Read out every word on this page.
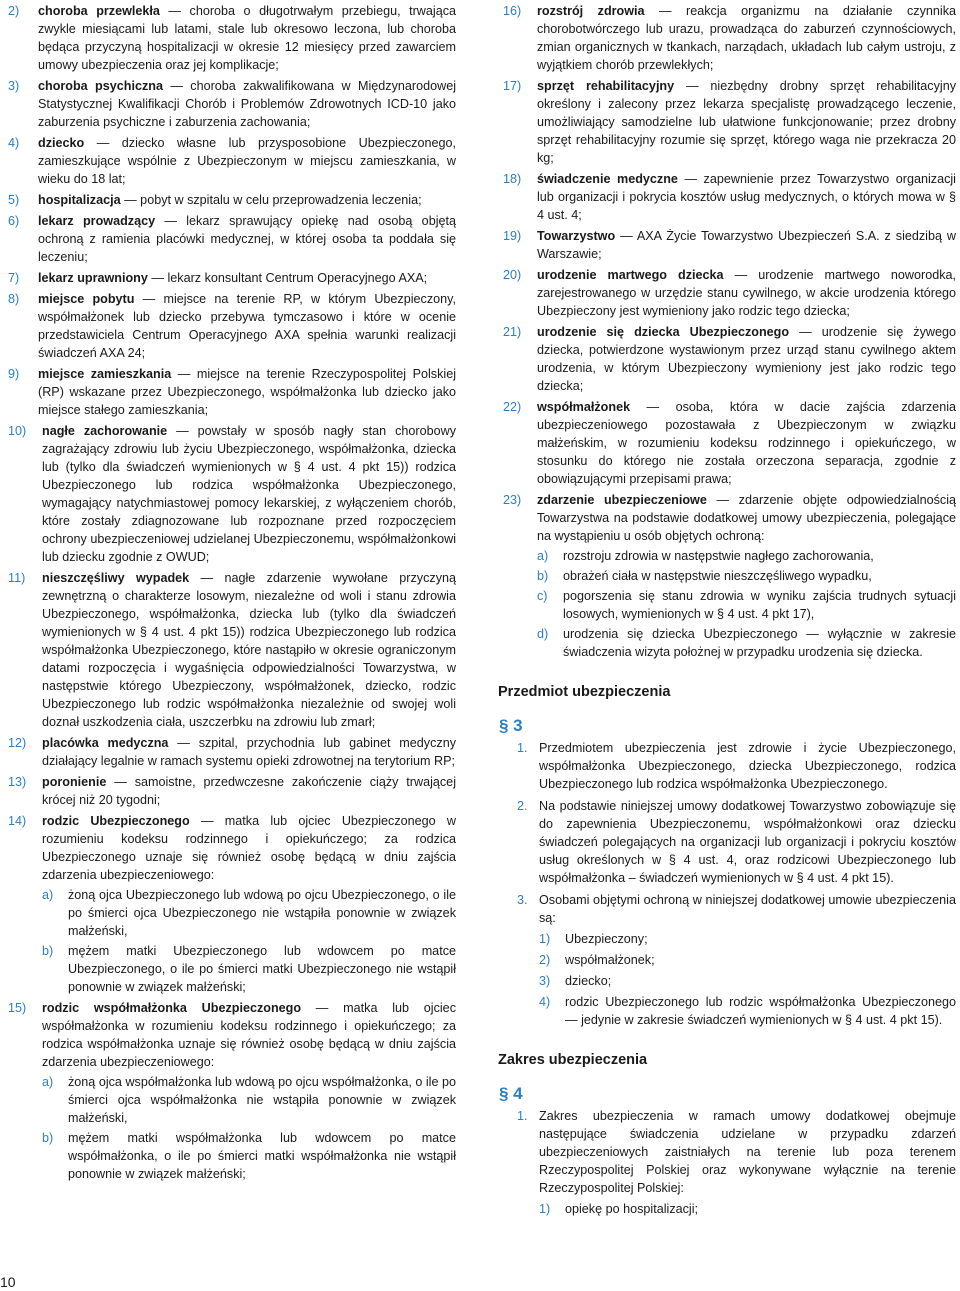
2) choroba przewlekła — choroba o długotrwałym przebiegu, trwająca zwykle miesiącami lub latami, stale lub okresowo leczona, lub choroba będąca przyczyną hospitalizacji w okresie 12 miesięcy przed zawarciem umowy ubezpieczenia oraz jej komplikacje;
3) choroba psychiczna — choroba zakwalifikowana w Międzynarodowej Statystycznej Kwalifikacji Chorób i Problemów Zdrowotnych ICD-10 jako zaburzenia psychiczne i zaburzenia zachowania;
4) dziecko — dziecko własne lub przysposobione Ubezpieczonego, zamieszkujące wspólnie z Ubezpieczonym w miejscu zamieszkania, w wieku do 18 lat;
5) hospitalizacja — pobyt w szpitalu w celu przeprowadzenia leczenia;
6) lekarz prowadzący — lekarz sprawujący opiekę nad osobą objętą ochroną z ramienia placówki medycznej, w której osoba ta poddała się leczeniu;
7) lekarz uprawniony — lekarz konsultant Centrum Operacyjnego AXA;
8) miejsce pobytu — miejsce na terenie RP, w którym Ubezpieczony, współmałżonek lub dziecko przebywa tymczasowo i które w ocenie przedstawiciela Centrum Operacyjnego AXA spełnia warunki realizacji świadczeń AXA 24;
9) miejsce zamieszkania — miejsce na terenie Rzeczypospolitej Polskiej (RP) wskazane przez Ubezpieczonego, współmałżonka lub dziecko jako miejsce stałego zamieszkania;
10) nagłe zachorowanie — powstały w sposób nagły stan chorobowy zagrażający zdrowiu lub życiu Ubezpieczonego, współmałżonka, dziecka lub (tylko dla świadczeń wymienionych w § 4 ust. 4 pkt 15)) rodzica Ubezpieczonego lub rodzica współmałżonka Ubezpieczonego, wymagający natychmiastowej pomocy lekarskiej, z wyłączeniem chorób, które zostały zdiagnozowane lub rozpoznane przed rozpoczęciem ochrony ubezpieczeniowej udzielanej Ubezpieczonemu, współmałżonkowi lub dziecku zgodnie z OWUD;
11) nieszczęśliwy wypadek — nagłe zdarzenie wywołane przyczyną zewnętrzną o charakterze losowym, niezależne od woli i stanu zdrowia Ubezpieczonego, współmałżonka, dziecka lub (tylko dla świadczeń wymienionych w § 4 ust. 4 pkt 15)) rodzica Ubezpieczonego lub rodzica współmałżonka Ubezpieczonego, które nastąpiło w okresie ograniczonym datami rozpoczęcia i wygaśnięcia odpowiedzialności Towarzystwa, w następstwie którego Ubezpieczony, współmałżonek, dziecko, rodzic Ubezpieczonego lub rodzic współmałżonka niezależnie od swojej woli doznał uszkodzenia ciała, uszczerbku na zdrowiu lub zmarł;
12) placówka medyczna — szpital, przychodnia lub gabinet medyczny działający legalnie w ramach systemu opieki zdrowotnej na terytorium RP;
13) poronienie — samoistne, przedwczesne zakończenie ciąży trwającej krócej niż 20 tygodni;
14) rodzic Ubezpieczonego — matka lub ojciec Ubezpieczonego w rozumieniu kodeksu rodzinnego i opiekuńczego; za rodzica Ubezpieczonego uznaje się również osobę będącą w dniu zajścia zdarzenia ubezpieczeniowego:
a) żoną ojca Ubezpieczonego lub wdową po ojcu Ubezpieczonego, o ile po śmierci ojca Ubezpieczonego nie wstąpiła ponownie w związek małżeński,
b) mężem matki Ubezpieczonego lub wdowcem po matce Ubezpieczonego, o ile po śmierci matki Ubezpieczonego nie wstąpił ponownie w związek małżeński;
15) rodzic współmałżonka Ubezpieczonego — matka lub ojciec współmałżonka w rozumieniu kodeksu rodzinnego i opiekuńczego; za rodzica współmałżonka uznaje się również osobę będącą w dniu zajścia zdarzenia ubezpieczeniowego:
a) żoną ojca współmałżonka lub wdową po ojcu współmałżonka, o ile po śmierci ojca współmałżonka nie wstąpiła ponownie w związek małżeński,
b) mężem matki współmałżonka lub wdowcem po matce współmałżonka, o ile po śmierci matki współmałżonka nie wstąpił ponownie w związek małżeński;
16) rozstrój zdrowia — reakcja organizmu na działanie czynnika chorobotwórczego lub urazu, prowadząca do zaburzeń czynnościowych, zmian organicznych w tkankach, narządach, układach lub całym ustroju, z wyjątkiem chorób przewlekłych;
17) sprzęt rehabilitacyjny — niezbędny drobny sprzęt rehabilitacyjny określony i zalecony przez lekarza specjalistę prowadzącego leczenie, umożliwiający samodzielne lub ułatwione funkcjonowanie; przez drobny sprzęt rehabilitacyjny rozumie się sprzęt, którego waga nie przekracza 20 kg;
18) świadczenie medyczne — zapewnienie przez Towarzystwo organizacji lub organizacji i pokrycia kosztów usług medycznych, o których mowa w § 4 ust. 4;
19) Towarzystwo — AXA Życie Towarzystwo Ubezpieczeń S.A. z siedzibą w Warszawie;
20) urodzenie martwego dziecka — urodzenie martwego noworodka, zarejestrowanego w urzędzie stanu cywilnego, w akcie urodzenia którego Ubezpieczony jest wymieniony jako rodzic tego dziecka;
21) urodzenie się dziecka Ubezpieczonego — urodzenie się żywego dziecka, potwierdzone wystawionym przez urząd stanu cywilnego aktem urodzenia, w którym Ubezpieczony wymieniony jest jako rodzic tego dziecka;
22) współmałżonek — osoba, która w dacie zajścia zdarzenia ubezpieczeniowego pozostawała z Ubezpieczonym w związku małżeńskim, w rozumieniu kodeksu rodzinnego i opiekuńczego, w stosunku do którego nie została orzeczona separacja, zgodnie z obowiązującymi przepisami prawa;
23) zdarzenie ubezpieczeniowe — zdarzenie objęte odpowiedzialnością Towarzystwa na podstawie dodatkowej umowy ubezpieczenia, polegające na wystąpieniu u osób objętych ochroną:
a) rozstroju zdrowia w następstwie nagłego zachorowania,
b) obrażeń ciała w następstwie nieszczęśliwego wypadku,
c) pogorszenia się stanu zdrowia w wyniku zajścia trudnych sytuacji losowych, wymienionych w § 4 ust. 4 pkt 17),
d) urodzenia się dziecka Ubezpieczonego — wyłącznie w zakresie świadczenia wizyta położnej w przypadku urodzenia się dziecka.
Przedmiot ubezpieczenia
§ 3
1. Przedmiotem ubezpieczenia jest zdrowie i życie Ubezpieczonego, współmałżonka Ubezpieczonego, dziecka Ubezpieczonego, rodzica Ubezpieczonego lub rodzica współmałżonka Ubezpieczonego.
2. Na podstawie niniejszej umowy dodatkowej Towarzystwo zobowiązuje się do zapewnienia Ubezpieczonemu, współmałżonkowi oraz dziecku świadczeń polegających na organizacji lub organizacji i pokryciu kosztów usług określonych w § 4 ust. 4, oraz rodzicowi Ubezpieczonego lub współmałżonka – świadczeń wymienionych w § 4 ust. 4 pkt 15).
3. Osobami objętymi ochroną w niniejszej dodatkowej umowie ubezpieczenia są:
1) Ubezpieczony;
2) współmałżonek;
3) dziecko;
4) rodzic Ubezpieczonego lub rodzic współmałżonka Ubezpieczonego — jedynie w zakresie świadczeń wymienionych w § 4 ust. 4 pkt 15).
Zakres ubezpieczenia
§ 4
1. Zakres ubezpieczenia w ramach umowy dodatkowej obejmuje następujące świadczenia udzielane w przypadku zdarzeń ubezpieczeniowych zaistniałych na terenie lub poza terenem Rzeczypospolitej Polskiej oraz wykonywane wyłącznie na terenie Rzeczypospolitej Polskiej:
1) opiekę po hospitalizacji;
10
